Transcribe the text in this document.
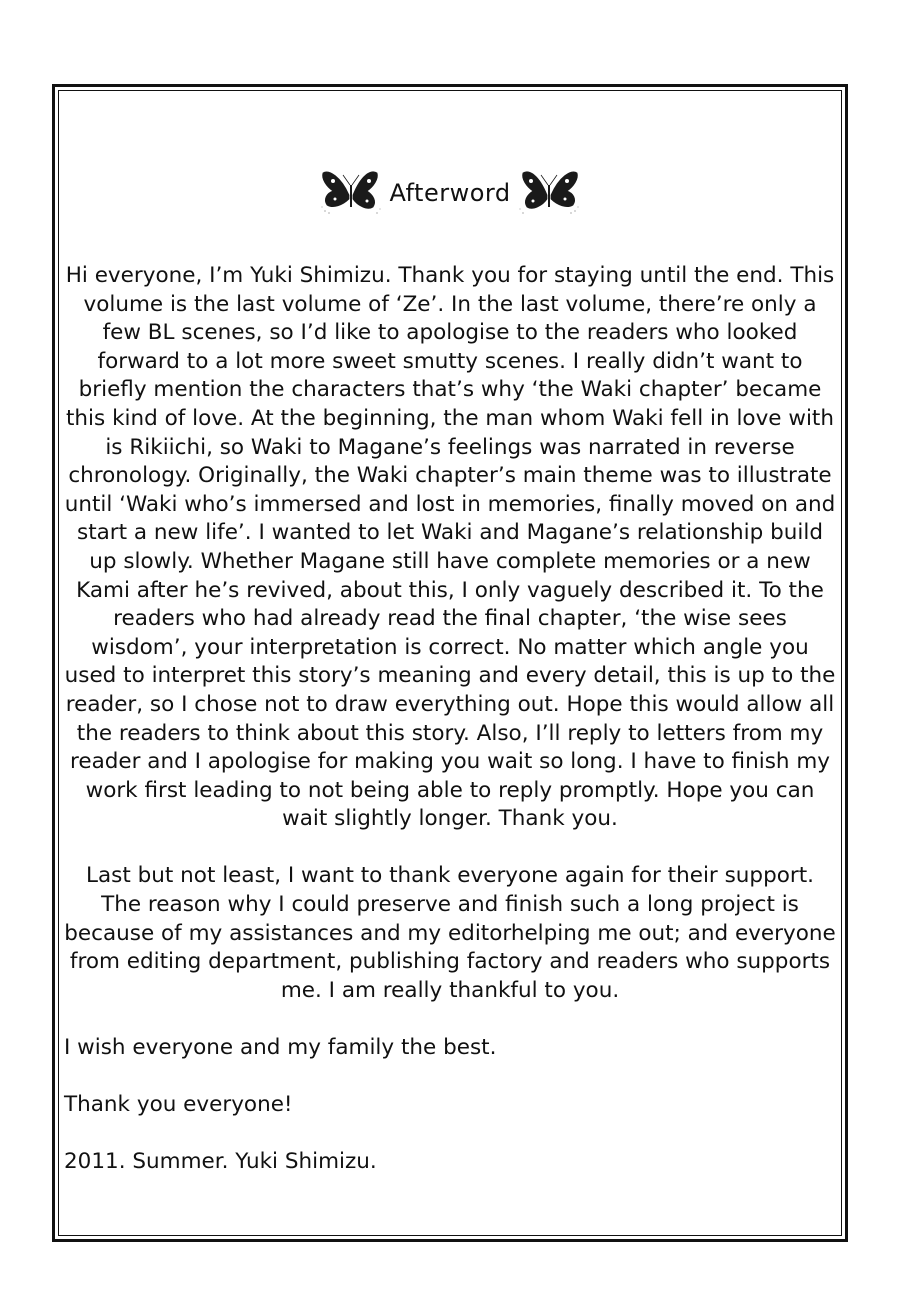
Afterword

Hi everyone, I’m Yuki Shimizu. Thank you for staying until the end. This volume is the last volume of ‘Ze’. In the last volume, there’re only a few BL scenes, so I’d like to apologise to the readers who looked forward to a lot more sweet smutty scenes. I really didn’t want to briefly mention the characters that’s why ‘the Waki chapter’ became this kind of love. At the beginning, the man whom Waki fell in love with is Rikiichi, so Waki to Magane’s feelings was narrated in reverse chronology. Originally, the Waki chapter’s main theme was to illustrate until ‘Waki who’s immersed and lost in memories, finally moved on and start a new life’. I wanted to let Waki and Magane’s relationship build up slowly. Whether Magane still have complete memories or a new Kami after he’s revived, about this, I only vaguely described it. To the readers who had already read the final chapter, ‘the wise sees wisdom’, your interpretation is correct. No matter which angle you used to interpret this story’s meaning and every detail, this is up to the reader, so I chose not to draw everything out. Hope this would allow all the readers to think about this story. Also, I’ll reply to letters from my reader and I apologise for making you wait so long. I have to finish my work first leading to not being able to reply promptly. Hope you can wait slightly longer. Thank you.

Last but not least, I want to thank everyone again for their support. The reason why I could preserve and finish such a long project is because of my assistances and my editorhelping me out; and everyone from editing department, publishing factory and readers who supports me. I am really thankful to you.

I wish everyone and my family the best.

Thank you everyone!

2011. Summer. Yuki Shimizu.
